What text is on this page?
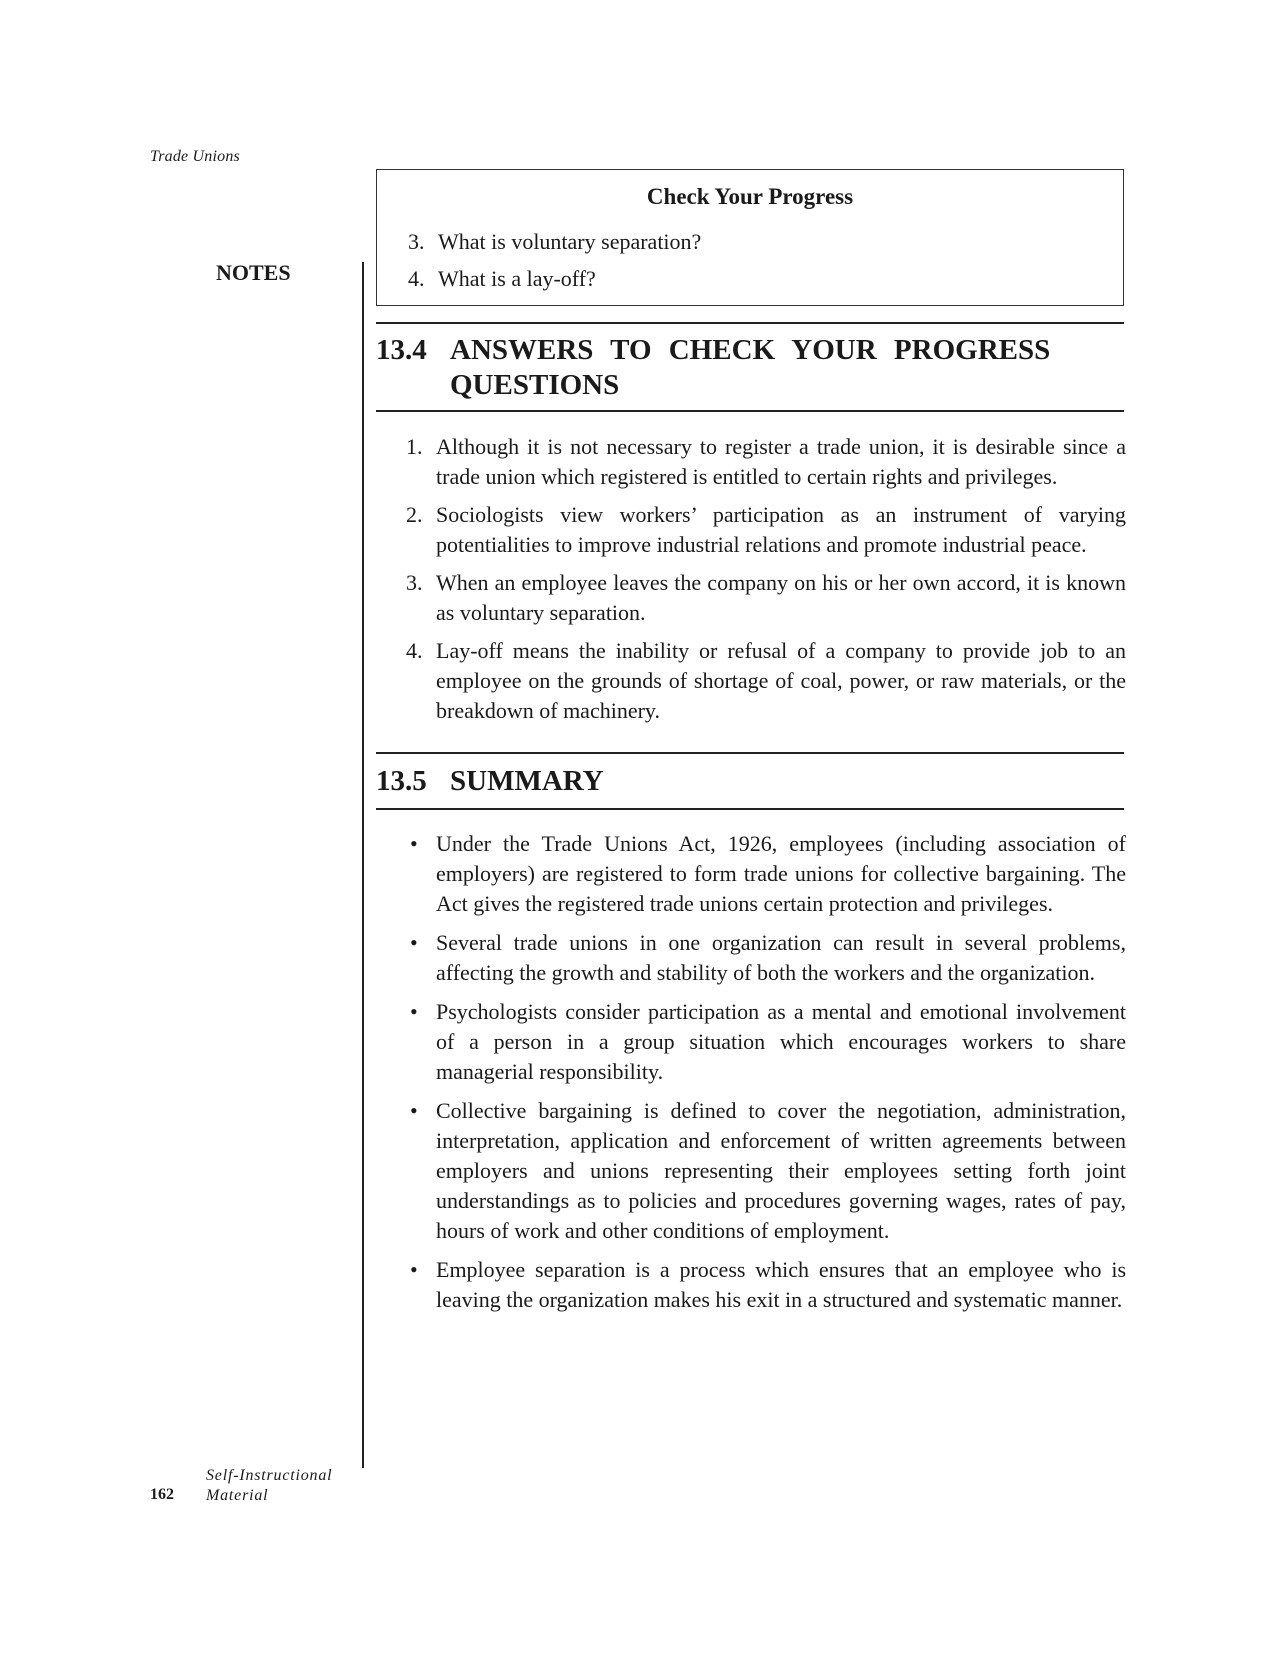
Trade Unions
NOTES
Check Your Progress
3. What is voluntary separation?
4. What is a lay-off?
13.4 ANSWERS TO CHECK YOUR PROGRESS QUESTIONS
1. Although it is not necessary to register a trade union, it is desirable since a trade union which registered is entitled to certain rights and privileges.
2. Sociologists view workers’ participation as an instrument of varying potentialities to improve industrial relations and promote industrial peace.
3. When an employee leaves the company on his or her own accord, it is known as voluntary separation.
4. Lay-off means the inability or refusal of a company to provide job to an employee on the grounds of shortage of coal, power, or raw materials, or the breakdown of machinery.
13.5 SUMMARY
• Under the Trade Unions Act, 1926, employees (including association of employers) are registered to form trade unions for collective bargaining. The Act gives the registered trade unions certain protection and privileges.
• Several trade unions in one organization can result in several problems, affecting the growth and stability of both the workers and the organization.
• Psychologists consider participation as a mental and emotional involvement of a person in a group situation which encourages workers to share managerial responsibility.
• Collective bargaining is defined to cover the negotiation, administration, interpretation, application and enforcement of written agreements between employers and unions representing their employees setting forth joint understandings as to policies and procedures governing wages, rates of pay, hours of work and other conditions of employment.
• Employee separation is a process which ensures that an employee who is leaving the organization makes his exit in a structured and systematic manner.
Self-Instructional
Material
162
